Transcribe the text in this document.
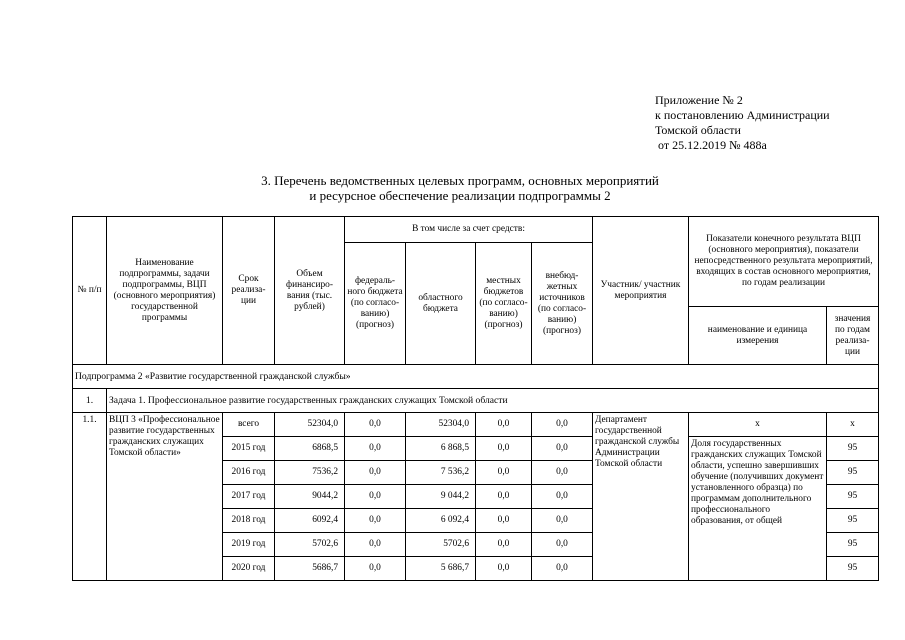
Приложение № 2
к постановлению Администрации
Томской области
от 25.12.2019 № 488а
3. Перечень ведомственных целевых программ, основных мероприятий
и ресурсное обеспечение реализации подпрограммы 2
№ п/п	Наименование подпрограммы, задачи подпрограммы, ВЦП (основного мероприятия) государственной программы	Срок реализа-ции	Объем финансиро-вания (тыс. рублей)	В том числе за счет средств:				Участник/ участник мероприятия	Показатели конечного результата ВЦП (основного мероприятия), показатели непосредственного результата мероприятий, входящих в состав основного мероприятия, по годам реализации	
				федераль-ного бюджета (по согласо-ванию) (прогноз)	областного бюджета	местных бюджетов (по согласо-ванию) (прогноз)	внебюд-жетных источников (по согласо-ванию) (прогноз)			
									наименование и единица измерения	значения по годам реализа-ции
Подпрограмма 2 «Развитие государственной гражданской службы»										
1.	Задача 1. Профессиональное развитие государственных гражданских служащих Томской области									
1.1.	ВЦП 3 «Профессиональное развитие государственных гражданских служащих Томской области»	всего	52304,0	0,0	52304,0	0,0	0,0	Департамент государственной гражданской службы Администрации Томской области	х	х
		2015 год	6868,5	0,0	6 868,5	0,0	0,0		Доля государственных гражданских служащих Томской области, успешно завершивших обучение (получивших документ установленного образца) по программам дополнительного профессионального образования, от общей	95
		2016 год	7536,2	0,0	7 536,2	0,0	0,0			95
		2017 год	9044,2	0,0	9 044,2	0,0	0,0			95
		2018 год	6092,4	0,0	6 092,4	0,0	0,0			95
		2019 год	5702,6	0,0	5702,6	0,0	0,0			95
		2020 год	5686,7	0,0	5 686,7	0,0	0,0			95
